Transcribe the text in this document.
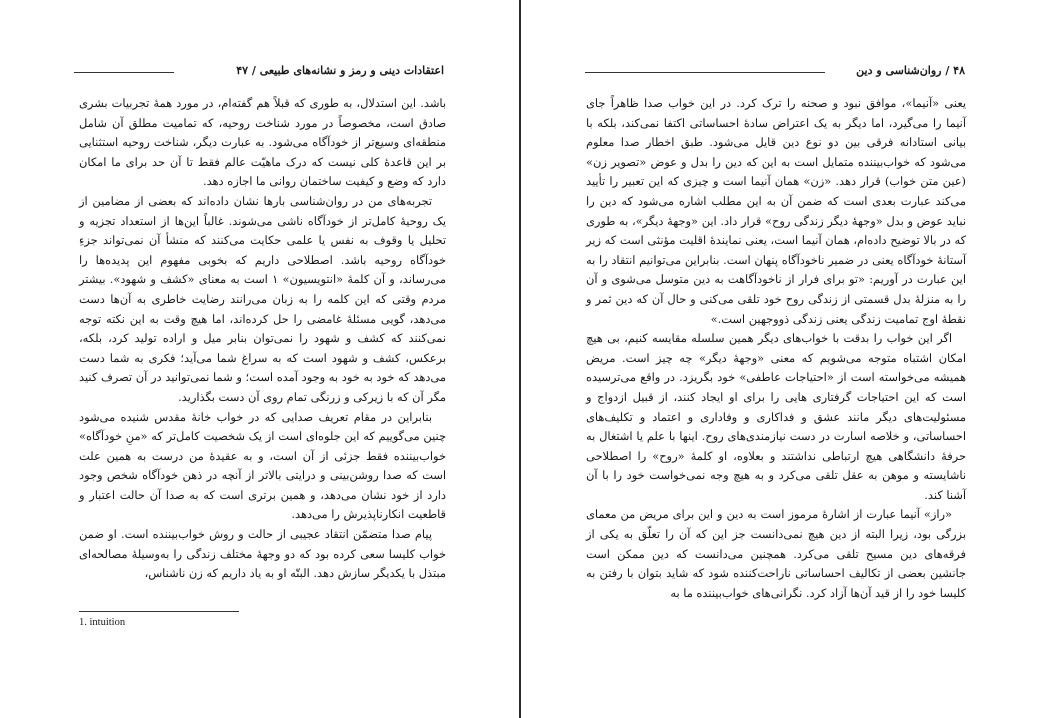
اعتقادات دینی و رمز و نشانه‌های طبیعی / ۴۷

باشد. این استدلال، به طوری که قبلاً هم گفته‌ام، در مورد همهٔ تجربیات بشری صادق است، مخصوصاً در مورد شناخت روحیه، که تمامیت مطلق آن شامل منطقه‌ای وسیع‌تر از خودآگاه می‌شود. به عبارت دیگر، شناخت روحیه استثنایی بر این قاعدهٔ کلی نیست که درک ماهیّت عالم فقط تا آن حد برای ما امکان دارد که وضع و کیفیت ساختمان روانی ما اجازه دهد.

تجربه‌های من در روان‌شناسی بارها نشان داده‌اند که بعضی از مضامین از یک روحیهٔ کامل‌تر از خودآگاه ناشی می‌شوند. غالباً این‌ها از استعداد تجزیه و تحلیل یا وقوف به نفس یا علمی حکایت می‌کنند که منشأ آن نمی‌تواند جزءِ خودآگاه روحیه باشد. اصطلاحی داریم که بخوبی مفهوم این پدیده‌ها را می‌رساند، و آن کلمهٔ «انتویسیون» ۱ است به معنای «کشف و شهود». بیشتر مردم وقتی که این کلمه را به زبان می‌رانند رضایت خاطری به آن‌ها دست می‌دهد، گویی مسئلهٔ غامضی را حل کرده‌اند، اما هیچ وقت به این نکته توجه نمی‌کنند که کشف و شهود را نمی‌توان بنابر میل و اراده تولید کرد، بلکه، برعکس، کشف و شهود است که به سراغ شما می‌آید؛ فکری به شما دست می‌دهد که خود به خود به وجود آمده است؛ و شما نمی‌توانید در آن تصرف کنید مگر آن که با زیرکی و زرنگی تمام روی آن دست بگذارید.

بنابراین در مقام تعریف صدایی که در خواب خانهٔ مقدس شنیده می‌شود چنین می‌گوییم که این جلوه‌ای است از یک شخصیت کامل‌تر که «منِ خودآگاه» خواب‌بیننده فقط جزئی از آن است، و به عقیدهٔ من درست به همین علت است که صدا روشن‌بینی و درایتی بالاتر از آنچه در ذهن خودآگاه شخص وجود دارد از خود نشان می‌دهد، و همین برتری است که به صدا آن حالت اعتبار و قاطعیت انکارناپذیرش را می‌دهد.

پیام صدا متضمّن انتقاد عجیبی از حالت و روش خواب‌بیننده است. او ضمن خواب کلیسا سعی کرده بود که دو وجههٔ مختلف زندگی را به‌وسیلهٔ مصالحه‌ای مبتذل با یکدیگر سازش دهد. البتّه او به یاد داریم که زن ناشناس،

1. intuition
۴۸ / روان‌شناسی و دین

یعنی «آنیما»، موافق نبود و صحنه را ترک کرد. در این خواب صدا ظاهراً جای آنیما را می‌گیرد، اما دیگر به یک اعتراض سادهٔ احساساتی اکتفا نمی‌کند، بلکه با بیانی استادانه فرقی بین دو نوع دین قایل می‌شود. طبق اخطار صدا معلوم می‌شود که خواب‌بیننده متمایل است به این که دین را بدل و عوض «تصویر زن» (عین متن خواب) قرار دهد. «زن» همان آنیما است و چیزی که این تعبیر را تأیید می‌کند عبارت بعدی است که ضمن آن به این مطلب اشاره می‌شود که دین را نباید عوض و بدل «وجههٔ دیگر زندگی روح» قرار داد. این «وجههٔ دیگر»، به طوری که در بالا توضیح داده‌ام، همان آنیما است، یعنی نمایندهٔ اقلیت مؤنثی است که زیر آستانهٔ خودآگاه یعنی در ضمیر ناخودآگاه پنهان است. بنابراین می‌توانیم انتقاد را به این عبارت در آوریم: «تو برای فرار از ناخودآگاهت به دین متوسل می‌شوی و آن را به منزلهٔ بدل قسمتی از زندگی روح خود تلقی می‌کنی و حال آن که دین ثمر و نقطهٔ اوج تمامیت زندگی یعنی زندگی ذووجهین است.»

اگر این خواب را بدقت با خواب‌های دیگر همین سلسله مقایسه کنیم، بی هیچ امکان اشتباه متوجه می‌شویم که معنی «وجههٔ دیگر» چه چیز است. مریض همیشه می‌خواسته است از «احتیاجات عاطفی» خود بگریزد. در واقع می‌ترسیده است که این احتیاجات گرفتاری هایی را برای او ایجاد کنند، از قبیل ازدواج و مسئولیت‌های دیگر مانند عشق و فداکاری و وفاداری و اعتماد و تکلیف‌های احساساتی، و خلاصه اسارت در دست نیازمندی‌های روح. اینها با علم یا اشتغال به حرفهٔ دانشگاهی هیچ ارتباطی نداشتند و بعلاوه، او کلمهٔ «روح» را اصطلاحی ناشایسته و موهن به عقل تلقی می‌کرد و به هیچ وجه نمی‌خواست خود را با آن آشنا کند.

«راز» آنیما عبارت از اشارهٔ مرموز است به دین و این برای مریض من معمای بزرگی بود، زیرا البته از دین هیچ نمی‌دانست جز این که آن را تعلّق به یکی از فرقه‌های دین مسیح تلقی می‌کرد. همچنین می‌دانست که دین ممکن است جانشین بعضی از تکالیف احساساتی ناراحت‌کننده شود که شاید بتوان با رفتن به کلیسا خود را از قید آن‌ها آزاد کرد. نگرانی‌های خواب‌بیننده ما به
